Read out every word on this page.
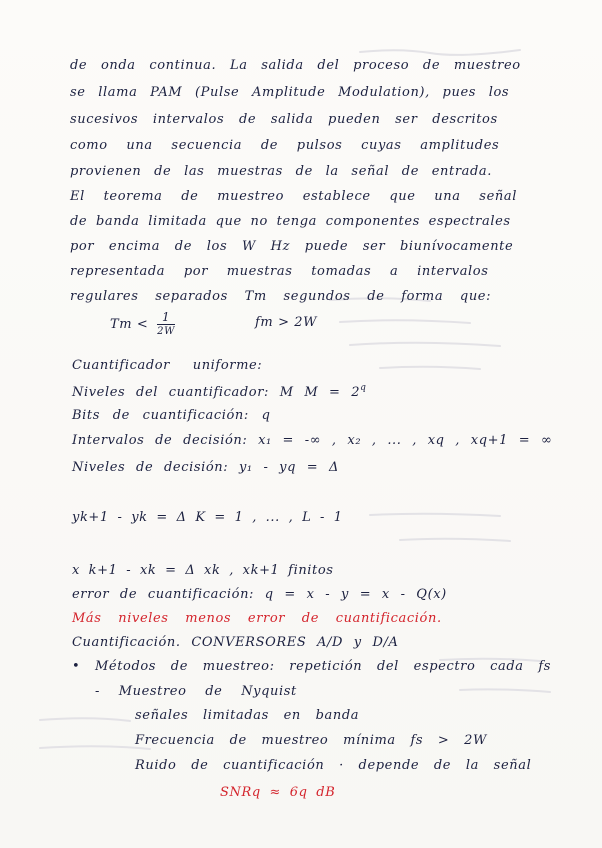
de onda continua. La salida del proceso de muestreo
se llama PAM (Pulse Amplitude Modulation), pues los
sucesivos intervalos de salida pueden ser descritos
como una secuencia de pulsos cuyas amplitudes
provienen de las muestras de la señal de entrada.
El teorema de muestreo establece que una señal
de banda limitada que no tenga componentes espectrales
por encima de los W Hz puede ser biunívocamente
representada por muestras tomadas a intervalos
regulares separados Tm segundos de forma que:
$Tm < \frac{1}{2W}$	fm > 2W
Cuantificador uniforme:
Niveles del cuantificador: M $M = 2^q$
Bits de cuantificación: q
Intervalos de decisión: x₁ = -∞ , x₂ , ... , xq , xq+1 = ∞
Niveles de decisión: y₁ - yq = Δ
yk+1 - yk = Δ K = 1 , ... , L - 1
x k+1 - xk = Δ xk , xk+1 finitos
error de cuantificación: q = x - y = x - Q(x)
Más niveles menos error de cuantificación.
Cuantificación. CONVERSORES A/D y D/A
• Métodos de muestreo: repetición del espectro cada fs
- Muestreo de Nyquist
señales limitadas en banda
Frecuencia de muestreo mínima fs > 2W
Ruido de cuantificación · depende de la señal
SNRq ≈ 6q dB
